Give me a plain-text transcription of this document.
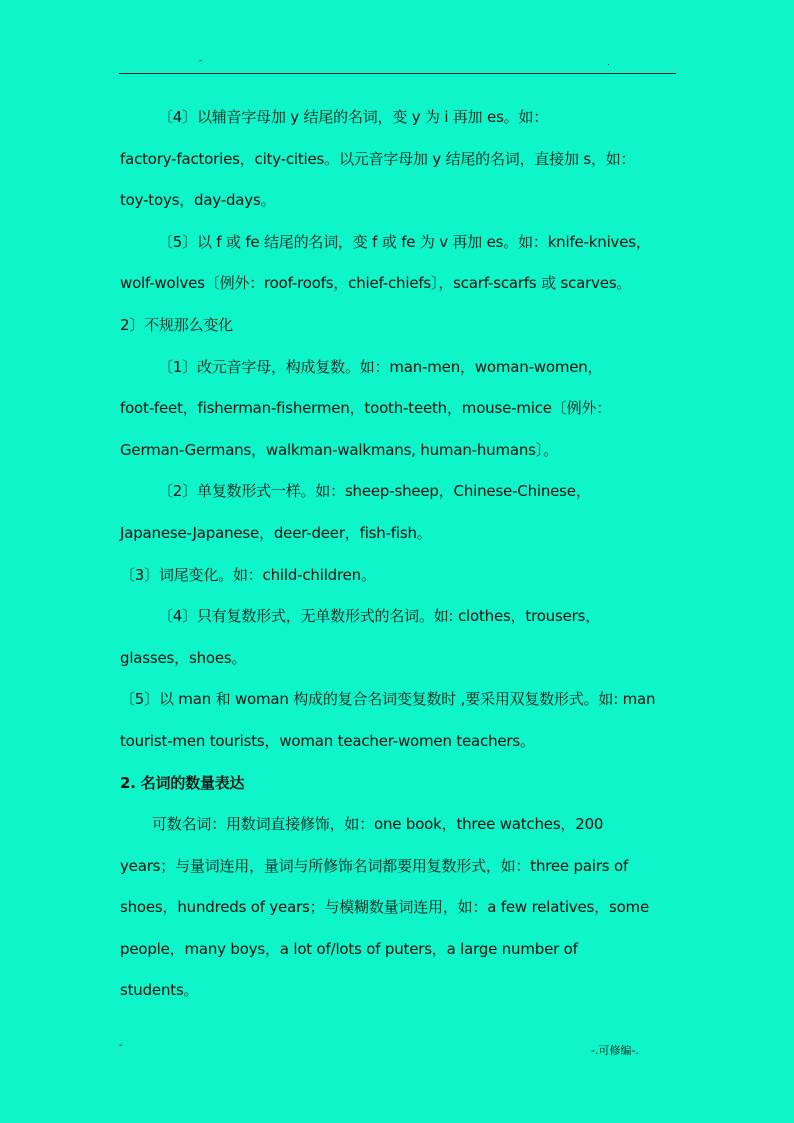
-	.
〔4〕以辅音字母加 y 结尾的名词，变 y 为 i 再加 es。如：
factory-factories，city-cities。以元音字母加 y 结尾的名词，直接加 s，如：
toy-toys，day-days。
〔5〕以 f 或 fe 结尾的名词，变 f 或 fe 为 v 再加 es。如：knife-knives，
wolf-wolves〔例外：roof-roofs，chief-chiefs〕，scarf-scarfs 或 scarves。
2〕不规那么变化
〔1〕改元音字母，构成复数。如：man-men，woman-women，
foot-feet，fisherman-fishermen，tooth-teeth，mouse-mice〔例外：
German-Germans，walkman-walkmans, human-humans〕。
〔2〕单复数形式一样。如：sheep-sheep，Chinese-Chinese，
Japanese-Japanese，deer-deer，fish-fish。
〔3〕词尾变化。如：child-children。
〔4〕只有复数形式，无单数形式的名词。如: clothes，trousers，
glasses，shoes。
〔5〕以 man 和 woman 构成的复合名词变复数时 ,要采用双复数形式。如: man
tourist-men tourists，woman teacher-women teachers。
2. 名词的数量表达
可数名词：用数词直接修饰，如：one book，three watches，200
years；与量词连用，量词与所修饰名词都要用复数形式，如：three pairs of
shoes，hundreds of years；与模糊数量词连用，如：a few relatives，some
people，many boys，a lot of/lots of puters，a large number of
students。
-	-.可修编-.
